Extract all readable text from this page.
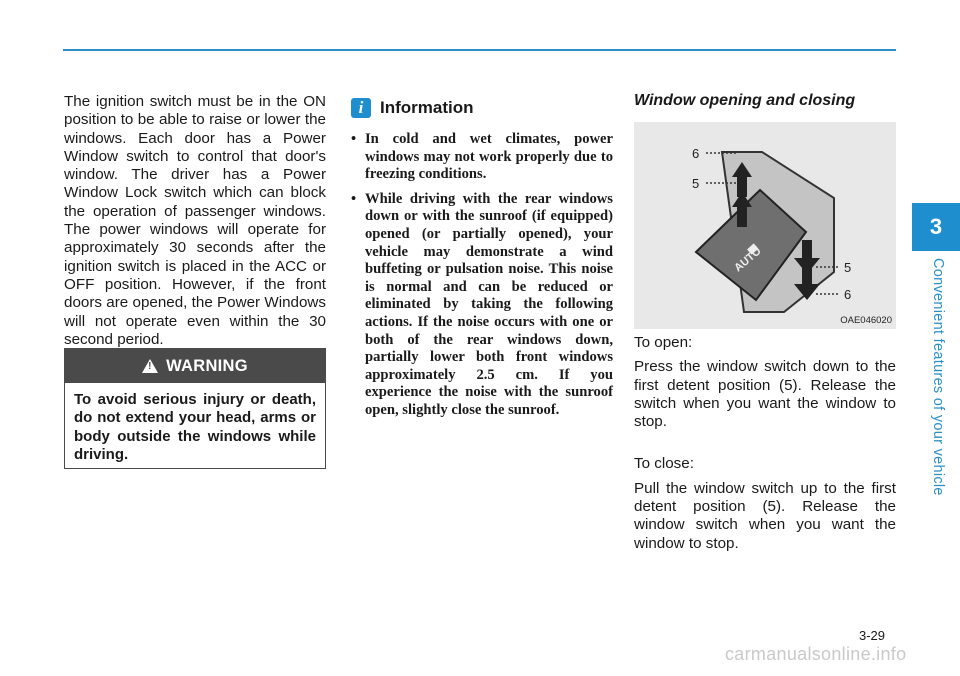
3
Convenient features of your vehicle

The ignition switch must be in the ON position to be able to raise or lower the windows. Each door has a Power Window switch to control that door's window. The driver has a Power Window Lock switch which can block the operation of passenger windows. The power windows will operate for approximately 30 seconds after the ignition switch is placed in the ACC or OFF position. However, if the front doors are opened, the Power Windows will not operate even within the 30 second period.

!
WARNING
To avoid serious injury or death, do not extend your head, arms or body outside the windows while driving.
i Information
• In cold and wet climates, power windows may not work properly due to freezing conditions.
• While driving with the rear windows down or with the sunroof (if equipped) opened (or partially opened), your vehicle may demonstrate a wind buffeting or pulsation noise. This noise is normal and can be reduced or eliminated by taking the following actions. If the noise occurs with one or both of the rear windows down, partially lower both front windows approximately 2.5 cm. If you experience the noise with the sunroof open, slightly close the sunroof.
Window opening and closing
AUTO
6
5
5
6
OAE046020

To open:

Press the window switch down to the first detent position (5). Release the switch when you want the window to stop.

To close:

Pull the window switch up to the first detent position (5). Release the window switch when you want the window to stop.

3-29
carmanualsonline.info
